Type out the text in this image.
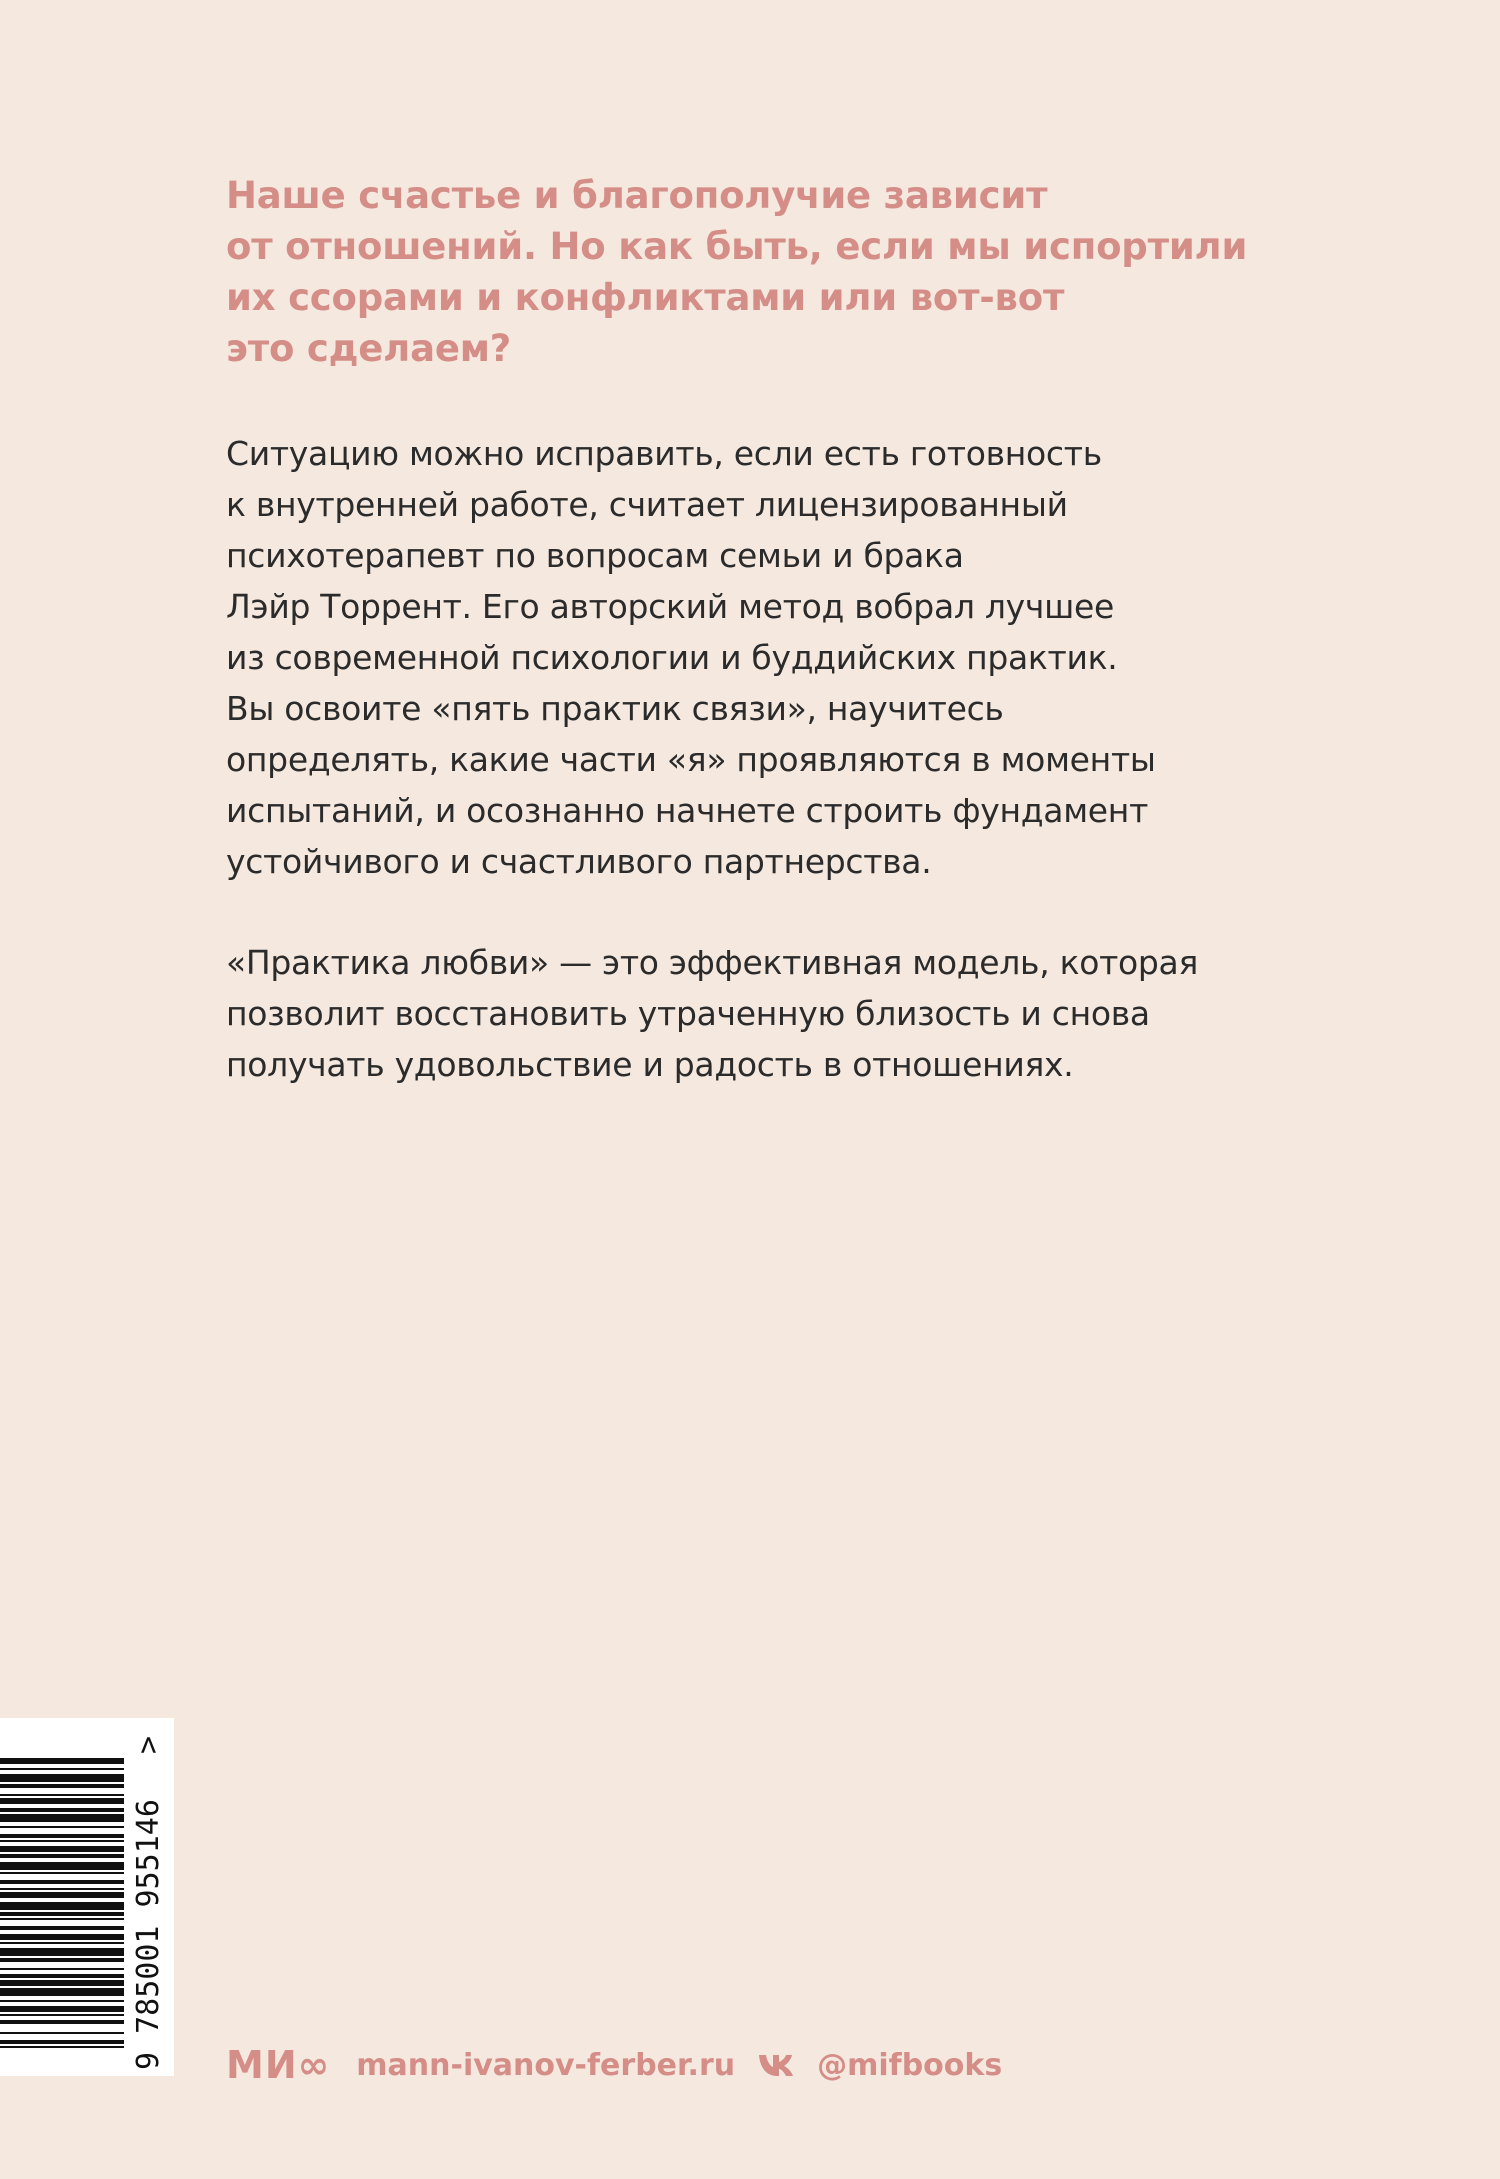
Наше счастье и благополучие зависит
от отношений. Но как быть, если мы испортили
их ссорами и конфликтами или вот-вот
это сделаем?
Ситуацию можно исправить, если есть готовность
к внутренней работе, считает лицензированный
психотерапевт по вопросам семьи и брака
Лэйр Торрент. Его авторский метод вобрал лучшее
из современной психологии и буддийских практик.
Вы освоите «пять практик связи», научитесь
определять, какие части «я» проявляются в моменты
испытаний, и осознанно начнете строить фундамент
устойчивого и счастливого партнерства.
«Практика любви» — это эффективная модель, которая
позволит восстановить утраченную близость и снова
получать удовольствие и радость в отношениях.
9 785001 955146
>
МИ∞ mann-ivanov-ferber.ru	@mifbooks
